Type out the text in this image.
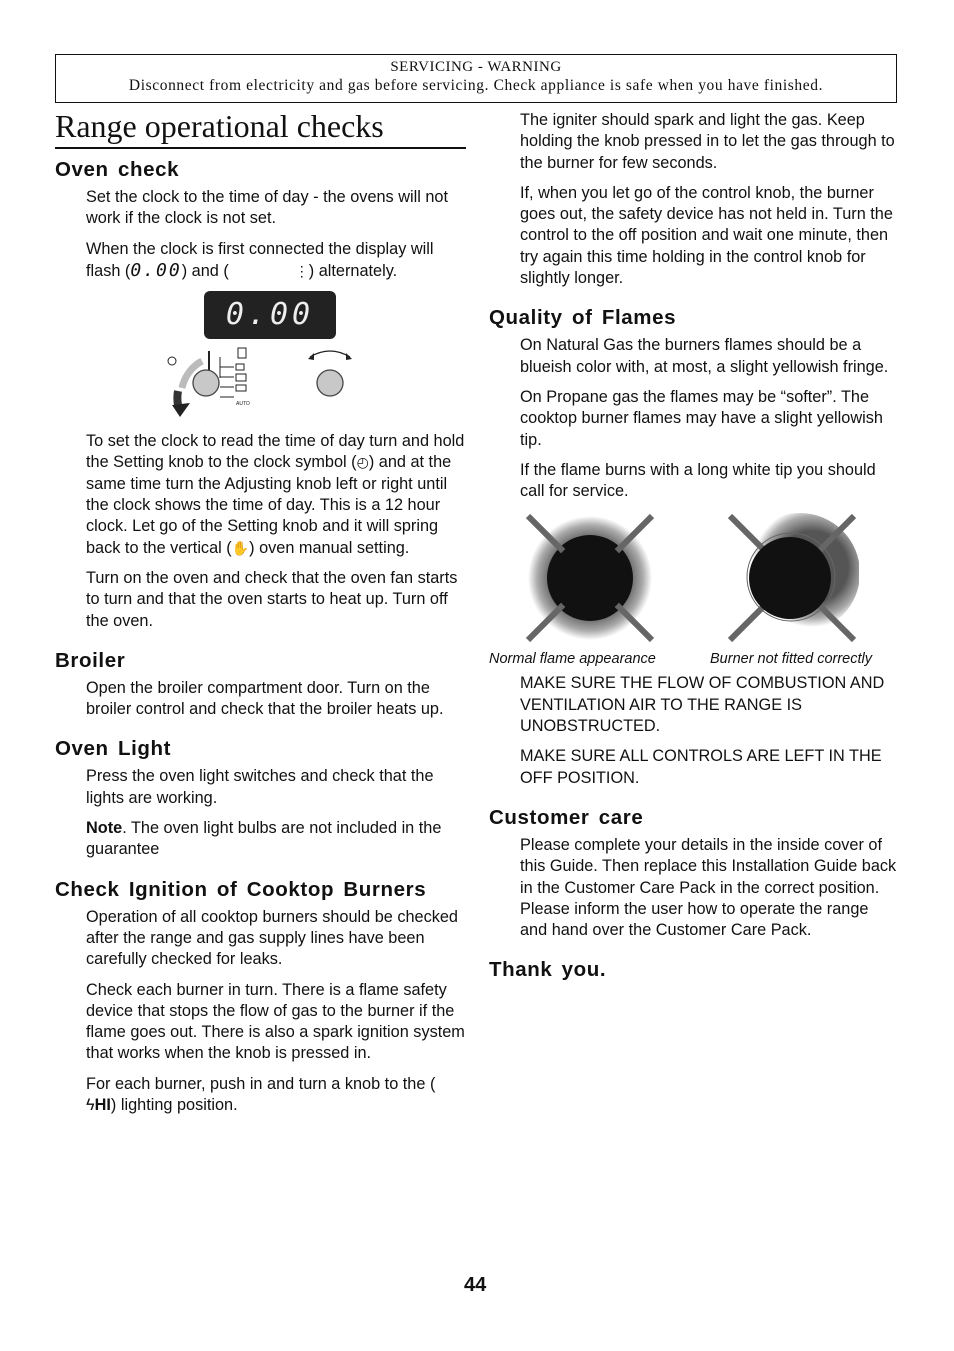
SERVICING - WARNING
Disconnect from electricity and gas before servicing. Check appliance is safe when you have finished.
Range operational checks
Oven check

Set the clock to the time of day - the ovens will not work if the clock is not set.

When the clock is first connected the display will flash (0.00) and (	⋮) alternately.

0.00
AUTO

To set the clock to read the time of day turn and hold the Setting knob to the clock symbol (◴) and at the same time turn the Adjusting knob left or right until the clock shows the time of day. This is a 12 hour clock. Let go of the Setting knob and it will spring back to the vertical (✋) oven manual setting.

Turn on the oven and check that the oven fan starts to turn and that the oven starts to heat up. Turn off the oven.

Broiler

Open the broiler compartment door. Turn on the broiler control and check that the broiler heats up.

Oven Light

Press the oven light switches and check that the lights are working.

Note. The oven light bulbs are not included in the guarantee

Check Ignition of Cooktop Burners

Operation of all cooktop burners should be checked after the range and gas supply lines have been carefully checked for leaks.

Check each burner in turn. There is a flame safety device that stops the flow of gas to the burner if the flame goes out. There is also a spark ignition system that works when the knob is pressed in.

For each burner, push in and turn a knob to the (
ϟHI) lighting position.

The igniter should spark and light the gas. Keep holding the knob pressed in to let the gas through to the burner for few seconds.

If, when you let go of the control knob, the burner goes out, the safety device has not held in. Turn the control to the off position and wait one minute, then try again this time holding in the control knob for slightly longer.

Quality of Flames

On Natural Gas the burners flames should be a blueish color with, at most, a slight yellowish fringe.

On Propane gas the flames may be “softer”. The cooktop burner flames may have a slight yellowish tip.

If the flame burns with a long white tip you should call for service.

Normal flame appearance	Burner not fitted correctly

MAKE SURE THE FLOW OF COMBUSTION AND VENTILATION AIR TO THE RANGE IS UNOBSTRUCTED.

MAKE SURE ALL CONTROLS ARE LEFT IN THE OFF POSITION.

Customer care

Please complete your details in the inside cover of this Guide. Then replace this Installation Guide back in the Customer Care Pack in the correct position. Please inform the user how to operate the range and hand over the Customer Care Pack.

Thank you.
44
